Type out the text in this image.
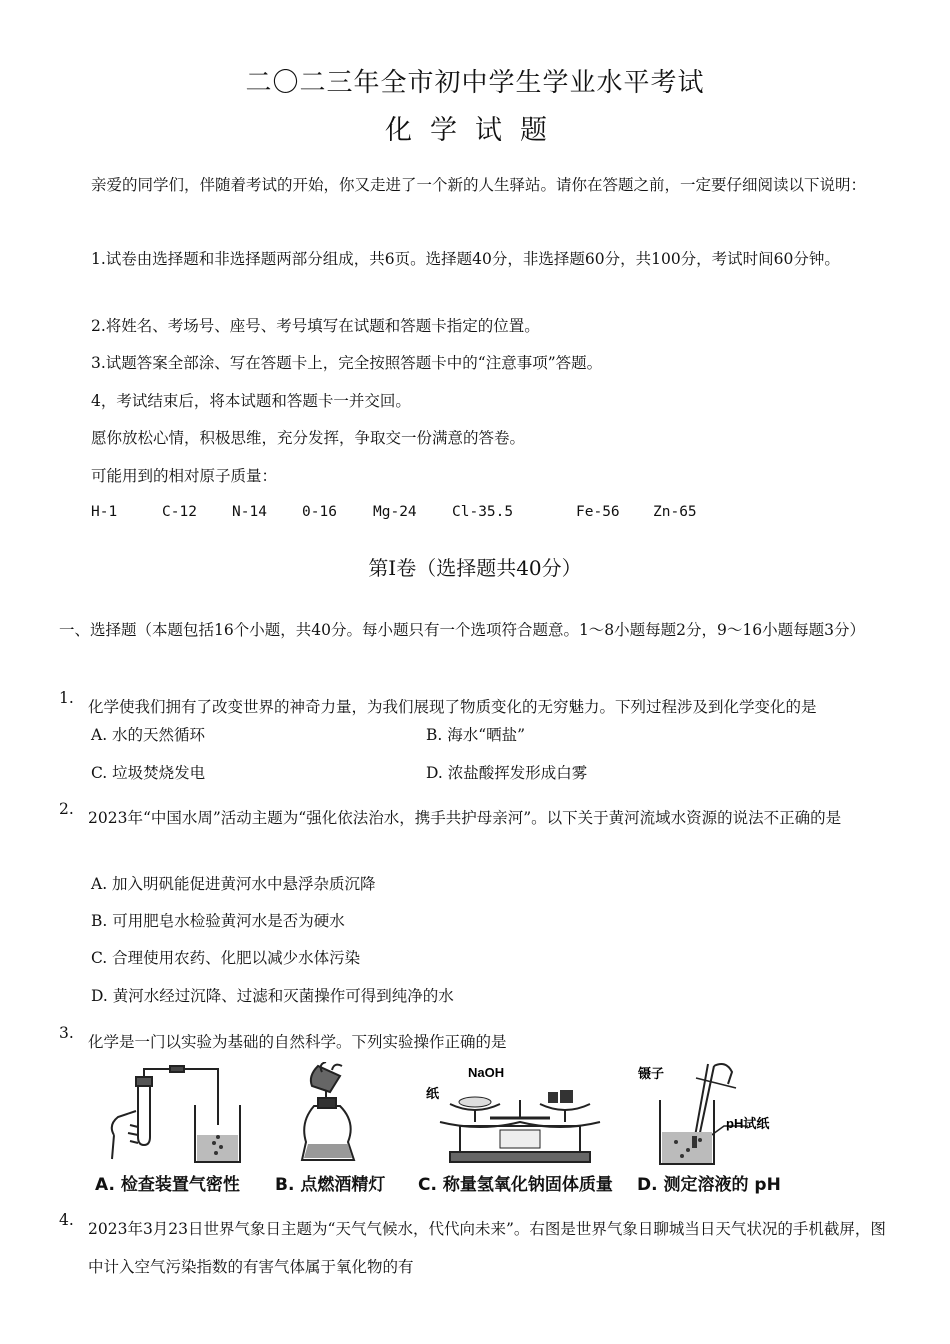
二〇二三年全市初中学生学业水平考试
化学试题
亲爱的同学们，伴随着考试的开始，你又走进了一个新的人生驿站。请你在答题之前，一定要仔细阅读以下说明：
1.试卷由选择题和非选择题两部分组成，共6页。选择题40分，非选择题60分，共100分，考试时间60分钟。
2.将姓名、考场号、座号、考号填写在试题和答题卡指定的位置。
3.试题答案全部涂、写在答题卡上，完全按照答题卡中的“注意事项”答题。
4，考试结束后，将本试题和答题卡一并交回。
愿你放松心情，积极思维，充分发挥，争取交一份满意的答卷。
可能用到的相对原子质量：
H-1	C-12 N-14 0-16 Mg-24 Cl-35.5	Fe-56 Zn-65
第Ⅰ卷（选择题共40分）
一、选择题（本题包括16个小题，共40分。每小题只有一个选项符合题意。1～8小题每题2分，9～16小题每题3分）
1. 化学使我们拥有了改变世界的神奇力量，为我们展现了物质变化的无穷魅力。下列过程涉及到化学变化的是
A. 水的天然循环	B. 海水“晒盐”
C. 垃圾焚烧发电	D. 浓盐酸挥发形成白雾
2. 2023年“中国水周”活动主题为“强化依法治水，携手共护母亲河”。以下关于黄河流域水资源的说法不正确的是
A. 加入明矾能促进黄河水中悬浮杂质沉降
B. 可用肥皂水检验黄河水是否为硬水
C. 合理使用农药、化肥以减少水体污染
D. 黄河水经过沉降、过滤和灭菌操作可得到纯净的水
3. 化学是一门以实验为基础的自然科学。下列实验操作正确的是
A. 检查装置气密性 B. 点燃酒精灯
NaOH
纸
C. 称量氢氧化钠固体质量
镊子
pH试纸
D. 测定溶液的 pH
4. 2023年3月23日世界气象日主题为“天气气候水，代代向未来”。右图是世界气象日聊城当日天气状况的手机截屏，图中计入空气污染指数的有害气体属于氧化物的有
